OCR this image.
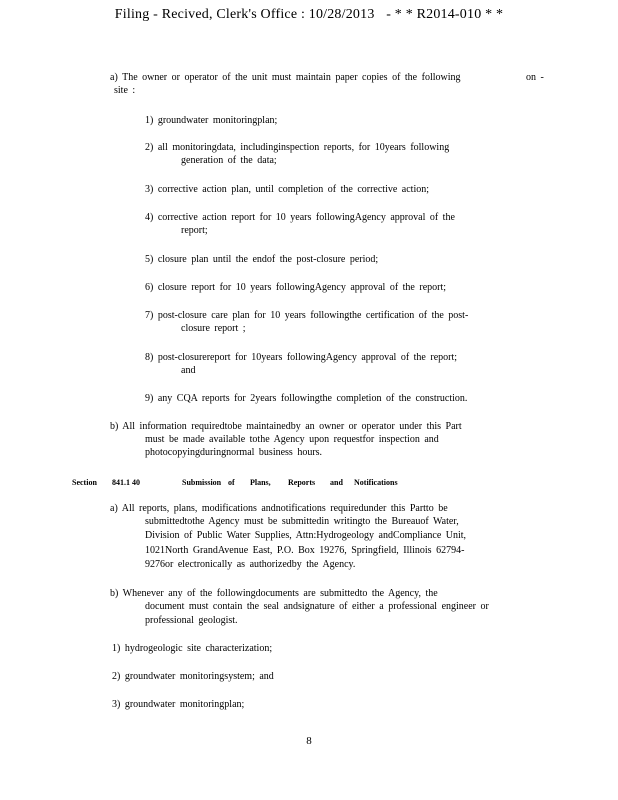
Filing - Recived, Clerk's Office : 10/28/2013 - * * R2014-010 * *
a) The owner or operator of the unit must maintain paper copies of the following	on -
site :
1) groundwater monitoringplan;
2) all monitoringdata, includinginspection reports, for 10years following
generation of the data;
3) corrective action plan, until completion of the corrective action;
4) corrective action report for 10 years followingAgency approval of the
report;
5) closure plan until the endof the post-closure period;
6) closure report for 10 years followingAgency approval of the report;
7) post-closure care plan for 10 years followingthe certification of the post-
closure report ;
8) post-closurereport for 10years followingAgency approval of the report;
and
9) any CQA reports for 2years followingthe completion of the construction.
b) All information requiredtobe maintainedby an owner or operator under this Part
must be made available tothe Agency upon requestfor inspection and
photocopyingduringnormal business hours.
Section 841.1 40	Submission of Plans, Reports and Notifications
a) All reports, plans, modifications andnotifications requiredunder this Partto be
submittedtothe Agency must be submittedin writingto the Bureauof Water,
Division of Public Water Supplies, Attn:Hydrogeology andCompliance Unit,
1021North GrandAvenue East, P.O. Box 19276, Springfield, Illinois 62794-
9276or electronically as authorizedby the Agency.
b) Whenever any of the followingdocuments are submittedto the Agency, the
document must contain the seal andsignature of either a professional engineer or
professional geologist.
1) hydrogeologic site characterization;
2) groundwater monitoringsystem; and
3) groundwater monitoringplan;
8
